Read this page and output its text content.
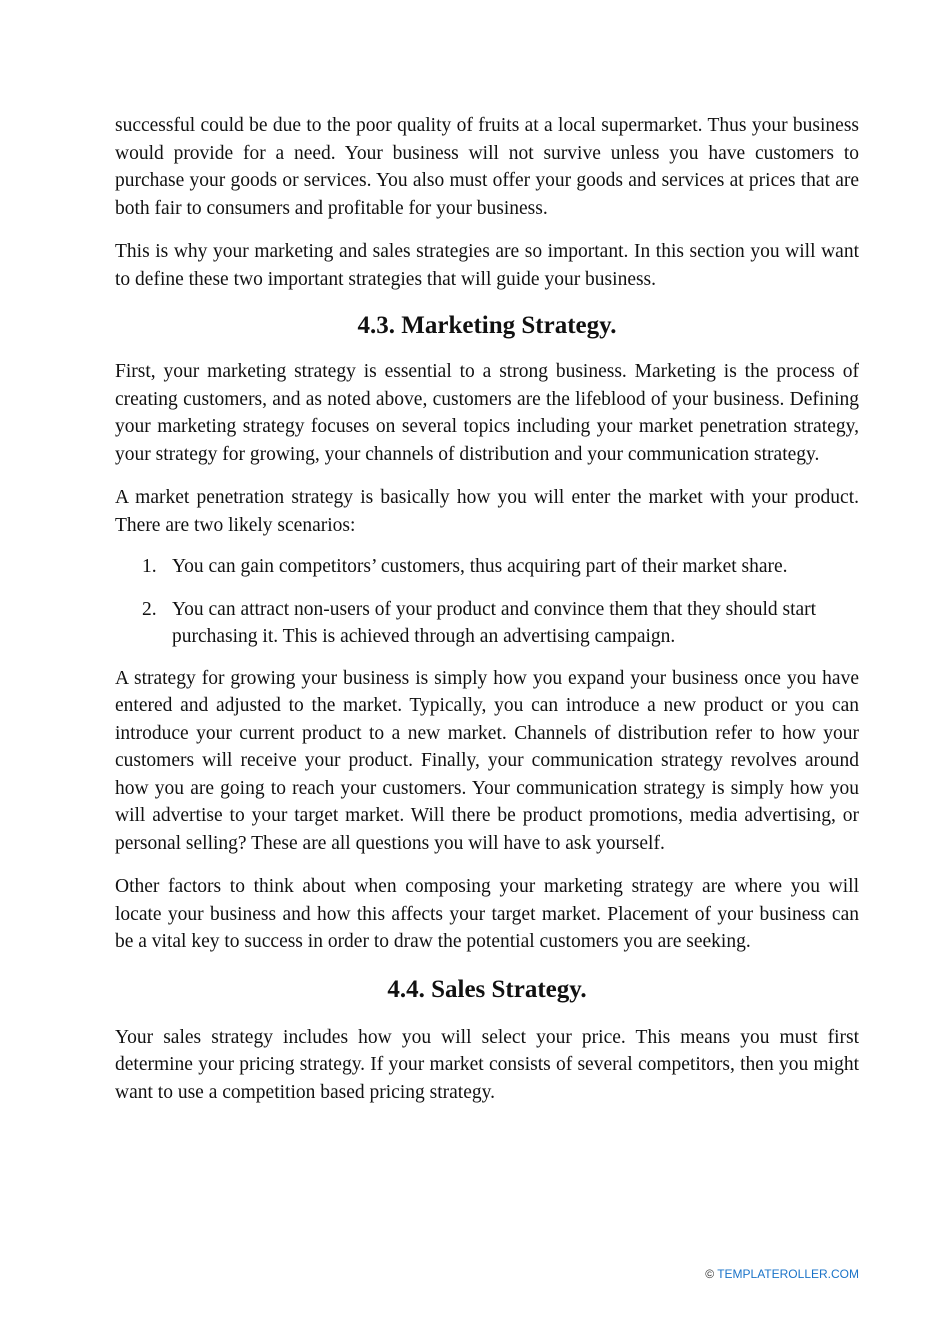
successful could be due to the poor quality of fruits at a local supermarket. Thus your business would provide for a need. Your business will not survive unless you have customers to purchase your goods or services. You also must offer your goods and services at prices that are both fair to consumers and profitable for your business.

This is why your marketing and sales strategies are so important. In this section you will want to define these two important strategies that will guide your business.

4.3. Marketing Strategy.

First, your marketing strategy is essential to a strong business. Marketing is the process of creating customers, and as noted above, customers are the lifeblood of your business. Defining your marketing strategy focuses on several topics including your market penetration strategy, your strategy for growing, your channels of distribution and your communication strategy.

A market penetration strategy is basically how you will enter the market with your product. There are two likely scenarios:

1. You can gain competitors’ customers, thus acquiring part of their market share.
2. You can attract non-users of your product and convince them that they should start purchasing it. This is achieved through an advertising campaign.

A strategy for growing your business is simply how you expand your business once you have entered and adjusted to the market. Typically, you can introduce a new product or you can introduce your current product to a new market. Channels of distribution refer to how your customers will receive your product. Finally, your communication strategy revolves around how you are going to reach your customers. Your communication strategy is simply how you will advertise to your target market. Will there be product promotions, media advertising, or personal selling? These are all questions you will have to ask yourself.

Other factors to think about when composing your marketing strategy are where you will locate your business and how this affects your target market. Placement of your business can be a vital key to success in order to draw the potential customers you are seeking.

4.4. Sales Strategy.

Your sales strategy includes how you will select your price. This means you must first determine your pricing strategy. If your market consists of several competitors, then you might want to use a competition based pricing strategy.

© TEMPLATEROLLER.COM
